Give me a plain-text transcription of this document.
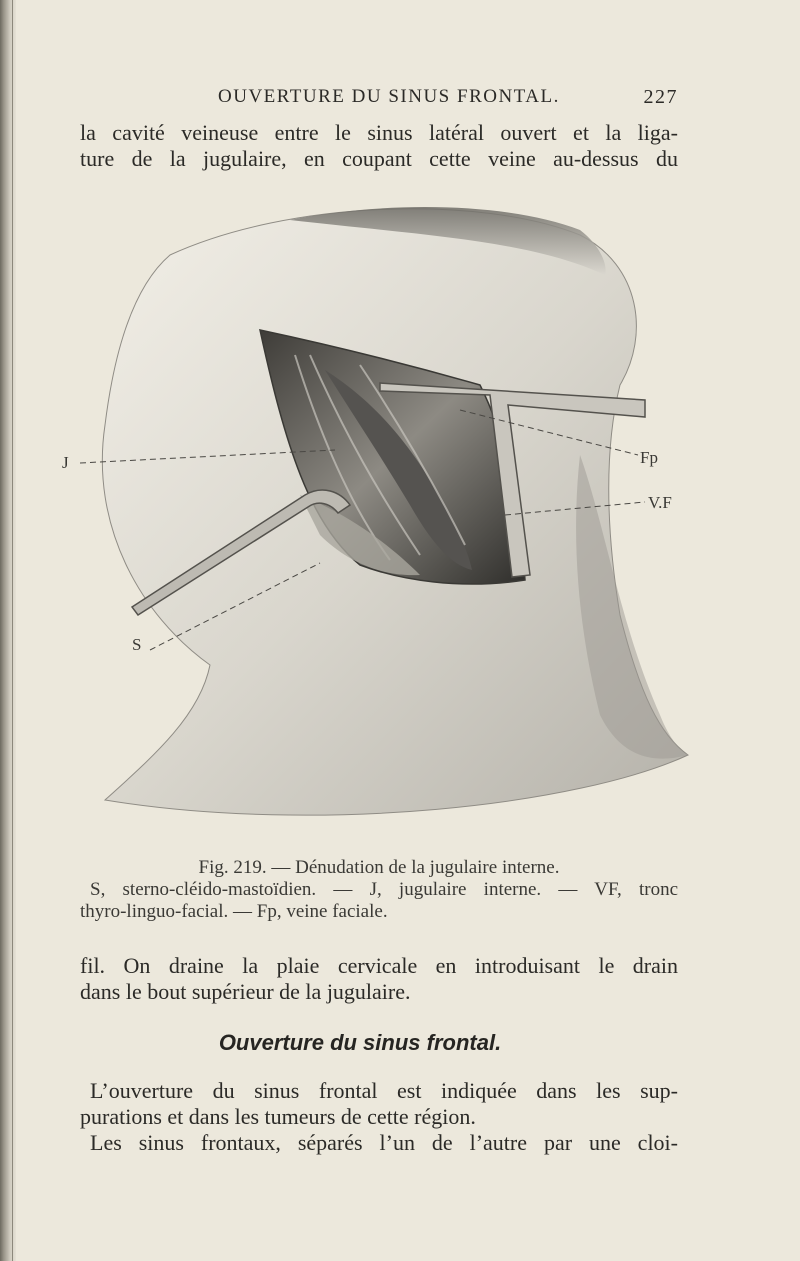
OUVERTURE DU SINUS FRONTAL.	227
la cavité veineuse entre le sinus latéral ouvert et la liga-
ture de la jugulaire, en coupant cette veine au-dessus du
J	Fp
V.F
S
Fig. 219. — Dénudation de la jugulaire interne.
S, sterno-cléido-mastoïdien. — J, jugulaire interne. — VF, tronc
thyro-linguo-facial. — Fp, veine faciale.
fil. On draine la plaie cervicale en introduisant le drain
dans le bout supérieur de la jugulaire.
Ouverture du sinus frontal.
L’ouverture du sinus frontal est indiquée dans les sup-
purations et dans les tumeurs de cette région.
Les sinus frontaux, séparés l’un de l’autre par une cloi-
